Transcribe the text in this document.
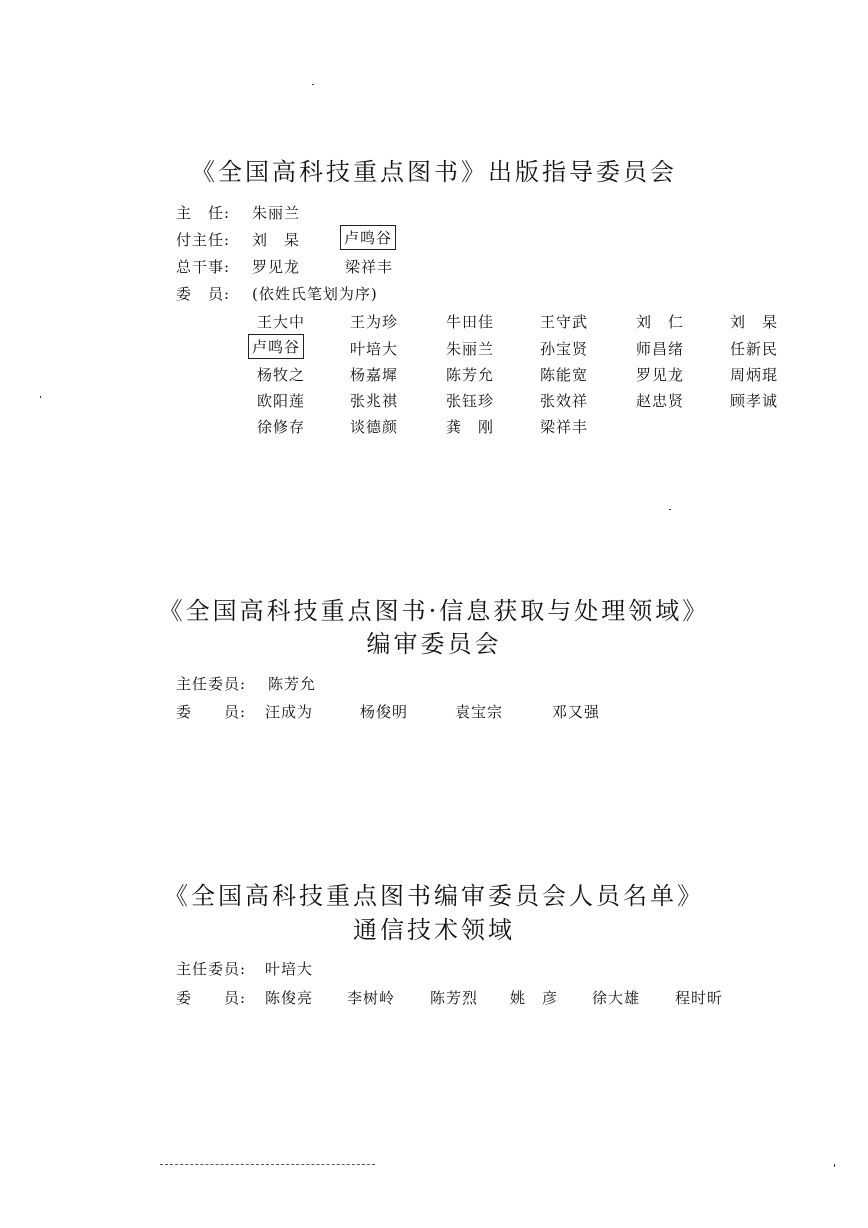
《全国高科技重点图书》出版指导委员会
主　任: 朱丽兰
付主任: 刘　杲	卢鸣谷
总干事: 罗见龙	梁祥丰
委　员: (依姓氏笔划为序)
王大中	王为珍	牛田佳	王守武	刘　仁	刘　杲
卢鸣谷	叶培大	朱丽兰	孙宝贤	师昌绪	任新民
杨牧之	杨嘉墀	陈芳允	陈能宽	罗见龙	周炳琨
欧阳莲	张兆祺	张钰珍	张效祥	赵忠贤	顾孝诚
徐修存	谈德颜	龚　刚	梁祥丰
《全国高科技重点图书·信息获取与处理领域》
编审委员会
主任委员: 陈芳允
委　　员: 汪成为	杨俊明	袁宝宗	邓又强
《全国高科技重点图书编审委员会人员名单》
通信技术领域
主任委员: 叶培大
委　　员: 陈俊亮 李树岭 陈芳烈 姚　彦 徐大雄 程时昕
